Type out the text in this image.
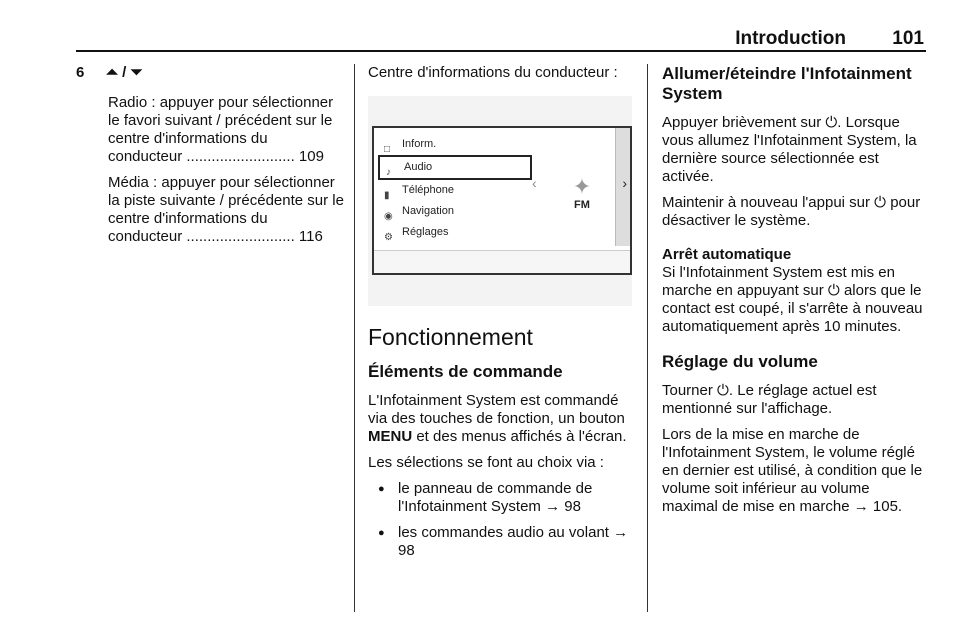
Introduction 101
6 ⏶ / ⏷

Radio : appuyer pour sélectionner le favori suivant / précédent sur le centre d'informations du conducteur .......................... 109

Média : appuyer pour sélectionner la piste suivante / précédente sur le centre d'informations du conducteur .......................... 116

Centre d'informations du conducteur :

□ Inform.
♪ Audio
▮ Téléphone
◉ Navigation
⚙ Réglages
‹	›
✦
FM
Fonctionnement
Éléments de commande

L'Infotainment System est commandé via des touches de fonction, un bouton MENU et des menus affichés à l'écran.

Les sélections se font au choix via :

● le panneau de commande de l'Infotainment System → 98
● les commandes audio au volant → 98
Allumer/éteindre l'Infotainment System

Appuyer brièvement sur ⏻. Lorsque vous allumez l'Infotainment System, la dernière source sélectionnée est activée.

Maintenir à nouveau l'appui sur ⏻ pour désactiver le système.

Arrêt automatique

Si l'Infotainment System est mis en marche en appuyant sur ⏻ alors que le contact est coupé, il s'arrête à nouveau automatiquement après 10 minutes.

Réglage du volume

Tourner ⏻. Le réglage actuel est mentionné sur l'affichage.

Lors de la mise en marche de l'Infotainment System, le volume réglé en dernier est utilisé, à condition que le volume soit inférieur au volume maximal de mise en marche → 105.
